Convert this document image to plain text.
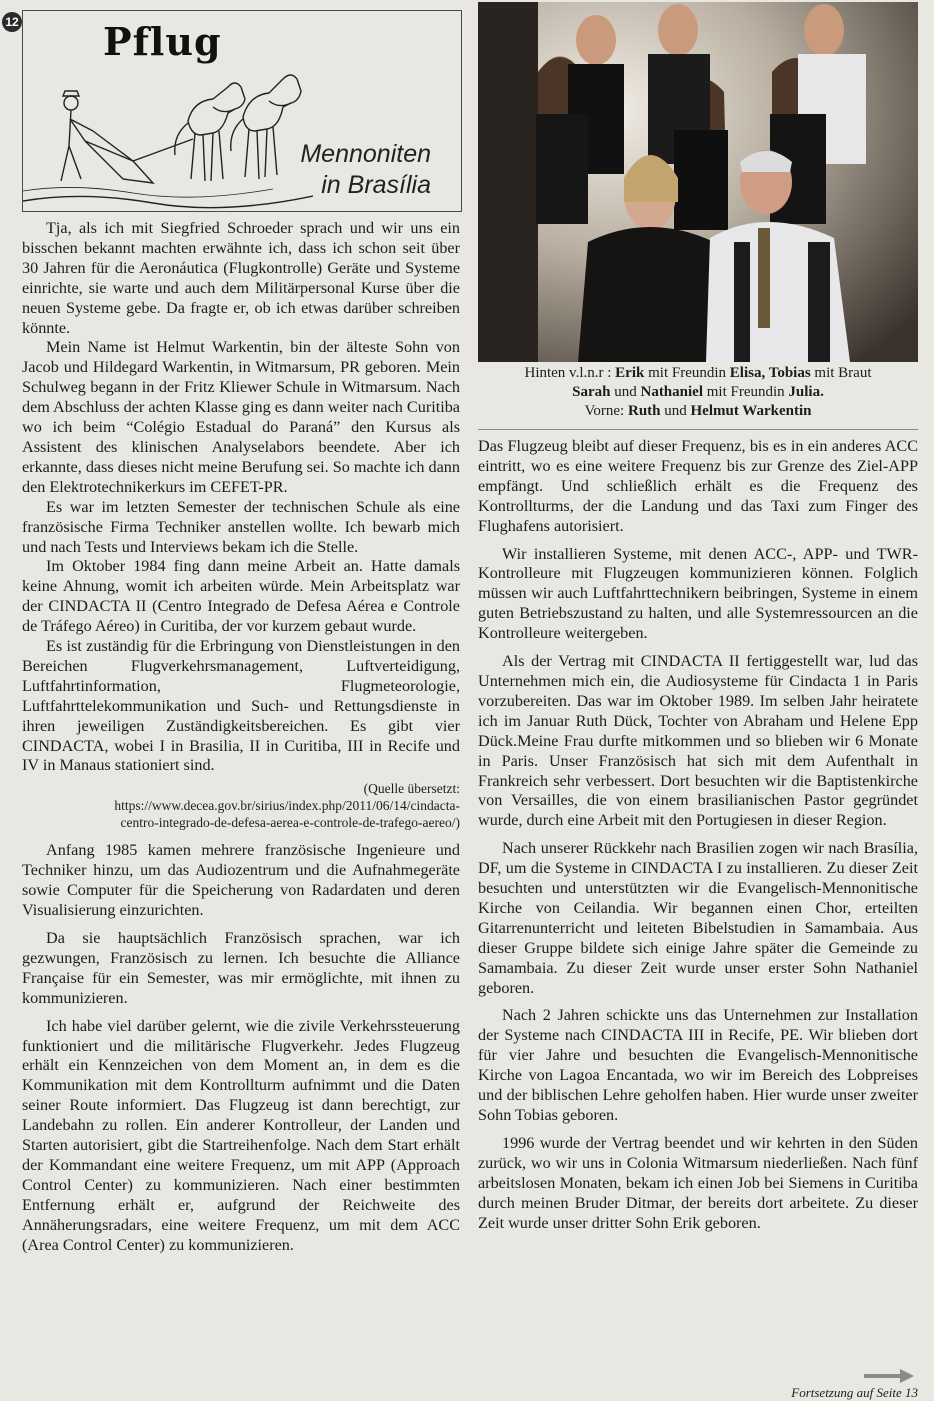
12 Pflug
Mennoniten
in Brasília

Tja, als ich mit Siegfried Schroeder sprach und wir uns ein bisschen bekannt machten erwähnte ich, dass ich schon seit über 30 Jahren für die Aeronáutica (Flugkontrolle) Geräte und Systeme einrichte, sie warte und auch dem Militärpersonal Kurse über die neuen Systeme gebe. Da fragte er, ob ich etwas darüber schreiben könnte.

Mein Name ist Helmut Warkentin, bin der älteste Sohn von Jacob und Hildegard Warkentin, in Witmarsum, PR geboren. Mein Schulweg begann in der Fritz Kliewer Schule in Witmarsum. Nach dem Abschluss der achten Klasse ging es dann weiter nach Curitiba wo ich beim “Colégio Estadual do Paraná” den Kursus als Assistent des klinischen Analyselabors beendete. Aber ich erkannte, dass dieses nicht meine Berufung sei. So machte ich dann den Elektrotechnikerkurs im CEFET-PR.

Es war im letzten Semester der technischen Schule als eine französische Firma Techniker anstellen wollte. Ich bewarb mich und nach Tests und Interviews bekam ich die Stelle.

Im Oktober 1984 fing dann meine Arbeit an. Hatte damals keine Ahnung, womit ich arbeiten würde. Mein Arbeitsplatz war der CINDACTA II (Centro Integrado de Defesa Aérea e Controle de Tráfego Aéreo) in Curitiba, der vor kurzem gebaut wurde.

Es ist zuständig für die Erbringung von Dienstleistungen in den Bereichen Flugverkehrsmanagement, Luftverteidigung, Luftfahrtinformation, Flugmeteorologie, Luftfahrttelekommunikation und Such- und Rettungsdienste in ihren jeweiligen Zuständigkeitsbereichen. Es gibt vier CINDACTA, wobei I in Brasilia, II in Curitiba, III in Recife und IV in Manaus stationiert sind.

(Quelle übersetzt:
https://www.decea.gov.br/sirius/index.php/2011/06/14/cindacta-
centro-integrado-de-defesa-aerea-e-controle-de-trafego-aereo/)

Anfang 1985 kamen mehrere französische Ingenieure und Techniker hinzu, um das Audiozentrum und die Aufnahmegeräte sowie Computer für die Speicherung von Radardaten und deren Visualisierung einzurichten.

Da sie hauptsächlich Französisch sprachen, war ich gezwungen, Französisch zu lernen. Ich besuchte die Alliance Française für ein Semester, was mir ermöglichte, mit ihnen zu kommunizieren.

Ich habe viel darüber gelernt, wie die zivile Verkehrssteuerung funktioniert und die militärische Flugverkehr. Jedes Flugzeug erhält ein Kennzeichen von dem Moment an, in dem es die Kommunikation mit dem Kontrollturm aufnimmt und die Daten seiner Route informiert. Das Flugzeug ist dann berechtigt, zur Landebahn zu rollen. Ein anderer Kontrolleur, der Landen und Starten autorisiert, gibt die Startreihenfolge. Nach dem Start erhält der Kommandant eine weitere Frequenz, um mit APP (Approach Control Center) zu kommunizieren. Nach einer bestimmten Entfernung erhält er, aufgrund der Reichweite des Annäherungsradars, eine weitere Frequenz, um mit dem ACC (Area Control Center) zu kommunizieren.

Hinten v.l.n.r : Erik mit Freundin Elisa, Tobias mit Braut
Sarah und Nathaniel mit Freundin Julia.
Vorne: Ruth und Helmut Warkentin

Das Flugzeug bleibt auf dieser Frequenz, bis es in ein anderes ACC eintritt, wo es eine weitere Frequenz bis zur Grenze des Ziel-APP empfängt. Und schließlich erhält es die Frequenz des Kontrollturms, der die Landung und das Taxi zum Finger des Flughafens autorisiert.

Wir installieren Systeme, mit denen ACC-, APP- und TWR-Kontrolleure mit Flugzeugen kommunizieren können. Folglich müssen wir auch Luftfahrttechnikern beibringen, Systeme in einem guten Betriebszustand zu halten, und alle Systemressourcen an die Kontrolleure weitergeben.

Als der Vertrag mit CINDACTA II fertiggestellt war, lud das Unternehmen mich ein, die Audiosysteme für Cindacta 1 in Paris vorzubereiten. Das war im Oktober 1989. Im selben Jahr heiratete ich im Januar Ruth Dück, Tochter von Abraham und Helene Epp Dück.Meine Frau durfte mitkommen und so blieben wir 6 Monate in Paris. Unser Französisch hat sich mit dem Aufenthalt in Frankreich sehr verbessert. Dort besuchten wir die Baptistenkirche von Versailles, die von einem brasilianischen Pastor gegründet wurde, durch eine Arbeit mit den Portugiesen in dieser Region.

Nach unserer Rückkehr nach Brasilien zogen wir nach Brasília, DF, um die Systeme in CINDACTA I zu installieren. Zu dieser Zeit besuchten und unterstützten wir die Evangelisch-Mennonitische Kirche von Ceilandia. Wir begannen einen Chor, erteilten Gitarrenunterricht und leiteten Bibelstudien in Samambaia. Aus dieser Gruppe bildete sich einige Jahre später die Gemeinde zu Samambaia. Zu dieser Zeit wurde unser erster Sohn Nathaniel geboren.

Nach 2 Jahren schickte uns das Unternehmen zur Installation der Systeme nach CINDACTA III in Recife, PE. Wir blieben dort für vier Jahre und besuchten die Evangelisch-Mennonitische Kirche von Lagoa Encantada, wo wir im Bereich des Lobpreises und der biblischen Lehre geholfen haben. Hier wurde unser zweiter Sohn Tobias geboren.

1996 wurde der Vertrag beendet und wir kehrten in den Süden zurück, wo wir uns in Colonia Witmarsum niederließen. Nach fünf arbeitslosen Monaten, bekam ich einen Job bei Siemens in Curitiba durch meinen Bruder Ditmar, der bereits dort arbeitete. Zu dieser Zeit wurde unser dritter Sohn Erik geboren.

Fortsetzung auf Seite 13
